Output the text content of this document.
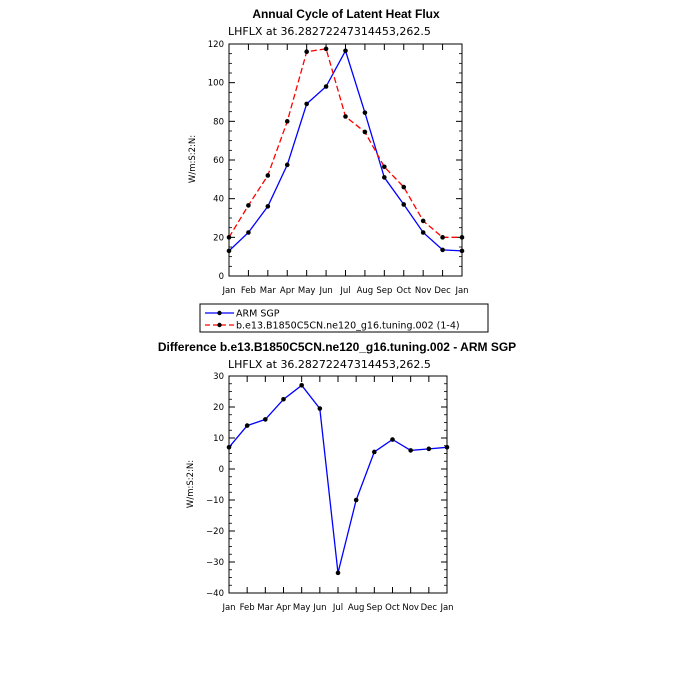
Annual Cycle of Latent Heat Flux
LHFLX at 36.28272247314453,262.5
W/m:S:2:N:
0
20
40
60
80
100
120
Jan Feb Mar Apr May Jun Jul Aug Sep Oct Nov Dec Jan
ARM SGP
b.e13.B1850C5CN.ne120_g16.tuning.002 (1-4)
Difference b.e13.B1850C5CN.ne120_g16.tuning.002 - ARM SGP
LHFLX at 36.28272247314453,262.5
W/m:S:2:N:
−40
−30
−20
−10
0
10
20
30
Jan Feb Mar Apr May Jun Jul Aug Sep Oct Nov Dec Jan
